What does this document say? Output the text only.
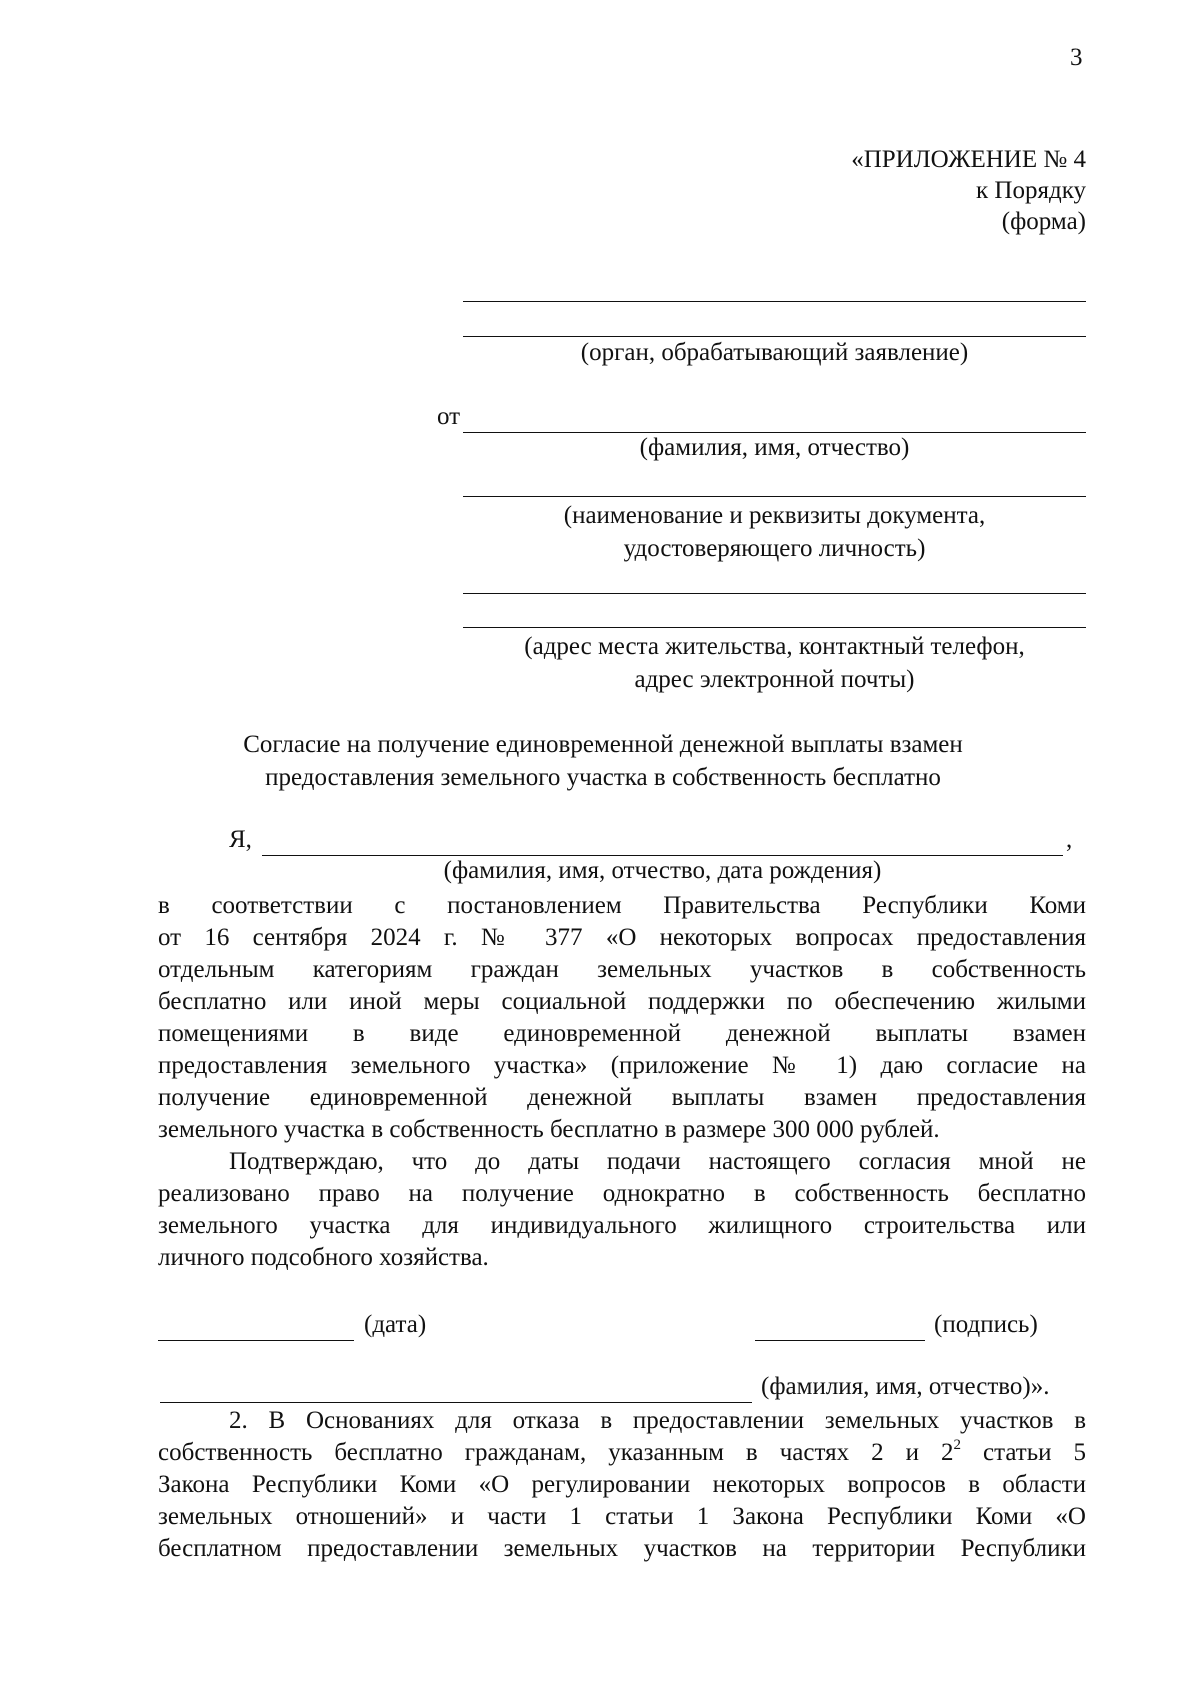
3
«ПРИЛОЖЕНИЕ № 4
к Порядку
(форма)
(орган, обрабатывающий заявление)
от
(фамилия, имя, отчество)
(наименование и реквизиты документа,
удостоверяющего личность)
(адрес места жительства, контактный телефон,
адрес электронной почты)
Согласие на получение единовременной денежной выплаты взамен
предоставления земельного участка в собственность бесплатно
Я,	,
(фамилия, имя, отчество, дата рождения)
в соответствии с постановлением Правительства Республики Коми
от 16 сентября 2024 г. № 377 «О некоторых вопросах предоставления
отдельным категориям граждан земельных участков в собственность
бесплатно или иной меры социальной поддержки по обеспечению жилыми
помещениями в виде единовременной денежной выплаты взамен
предоставления земельного участка» (приложение № 1) даю согласие на
получение единовременной денежной выплаты взамен предоставления
земельного участка в собственность бесплатно в размере 300 000 рублей.
Подтверждаю, что до даты подачи настоящего согласия мной не
реализовано право на получение однократно в собственность бесплатно
земельного участка для индивидуального жилищного строительства или
личного подсобного хозяйства.
(дата)	(подпись)
(фамилия, имя, отчество)».
2. В Основаниях для отказа в предоставлении земельных участков в
собственность бесплатно гражданам, указанным в частях 2 и $2^2$ статьи 5
Закона Республики Коми «О регулировании некоторых вопросов в области
земельных отношений» и части 1 статьи 1 Закона Республики Коми «О
бесплатном предоставлении земельных участков на территории Республики
